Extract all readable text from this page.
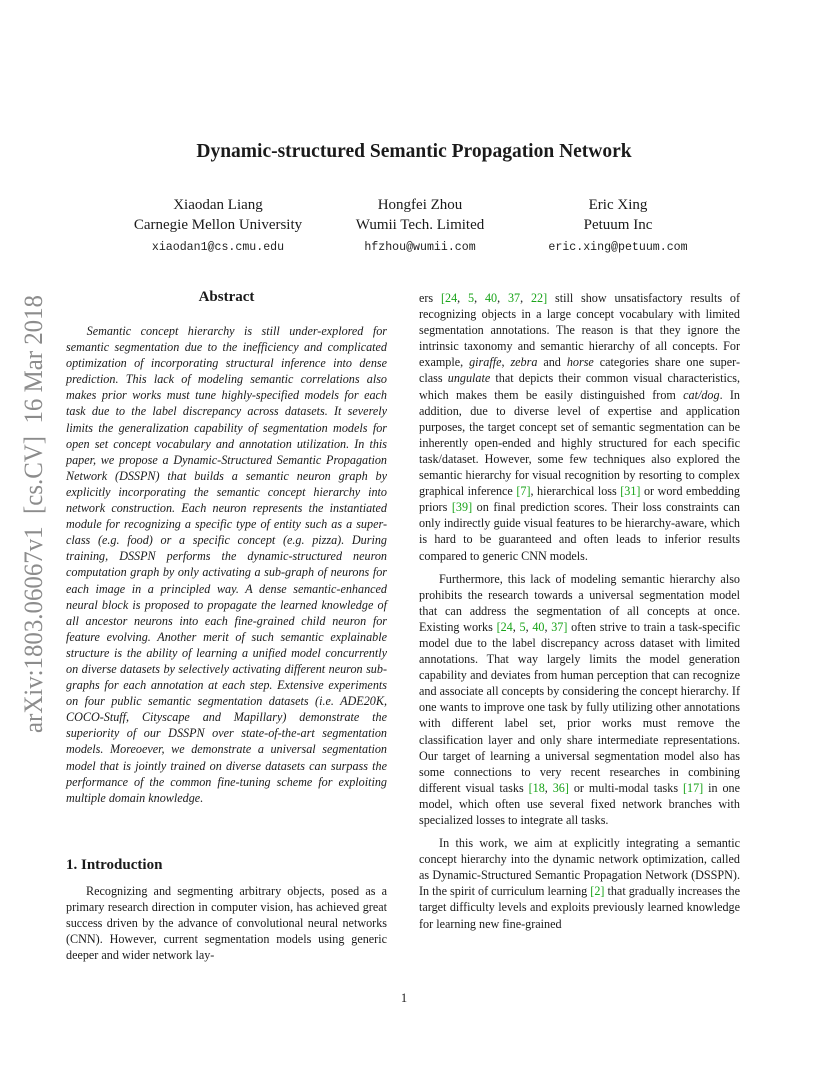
arXiv:1803.06067v1  [cs.CV]  16 Mar 2018
Dynamic-structured Semantic Propagation Network
Xiaodan Liang
Carnegie Mellon University
xiaodan1@cs.cmu.edu
Hongfei Zhou
Wumii Tech. Limited
hfzhou@wumii.com
Eric Xing
Petuum Inc
eric.xing@petuum.com
Abstract

Semantic concept hierarchy is still under-explored for semantic segmentation due to the inefficiency and complicated optimization of incorporating structural inference into dense prediction. This lack of modeling semantic correlations also makes prior works must tune highly-specified models for each task due to the label discrepancy across datasets. It severely limits the generalization capability of segmentation models for open set concept vocabulary and annotation utilization. In this paper, we propose a Dynamic-Structured Semantic Propagation Network (DSSPN) that builds a semantic neuron graph by explicitly incorporating the semantic concept hierarchy into network construction. Each neuron represents the instantiated module for recognizing a specific type of entity such as a super-class (e.g. food) or a specific concept (e.g. pizza). During training, DSSPN performs the dynamic-structured neuron computation graph by only activating a sub-graph of neurons for each image in a principled way. A dense semantic-enhanced neural block is proposed to propagate the learned knowledge of all ancestor neurons into each fine-grained child neuron for feature evolving. Another merit of such semantic explainable structure is the ability of learning a unified model concurrently on diverse datasets by selectively activating different neuron sub-graphs for each annotation at each step. Extensive experiments on four public semantic segmentation datasets (i.e. ADE20K, COCO-Stuff, Cityscape and Mapillary) demonstrate the superiority of our DSSPN over state-of-the-art segmentation models. Moreoever, we demonstrate a universal segmentation model that is jointly trained on diverse datasets can surpass the performance of the common fine-tuning scheme for exploiting multiple domain knowledge.

1. Introduction

Recognizing and segmenting arbitrary objects, posed as a primary research direction in computer vision, has achieved great success driven by the advance of convolutional neural networks (CNN). However, current segmentation models using generic deeper and wider network lay-

ers [24, 5, 40, 37, 22] still show unsatisfactory results of recognizing objects in a large concept vocabulary with limited segmentation annotations. The reason is that they ignore the intrinsic taxonomy and semantic hierarchy of all concepts. For example, giraffe, zebra and horse categories share one super-class ungulate that depicts their common visual characteristics, which makes them be easily distinguished from cat/dog. In addition, due to diverse level of expertise and application purposes, the target concept set of semantic segmentation can be inherently open-ended and highly structured for each specific task/dataset. However, some few techniques also explored the semantic hierarchy for visual recognition by resorting to complex graphical inference [7], hierarchical loss [31] or word embedding priors [39] on final prediction scores. Their loss constraints can only indirectly guide visual features to be hierarchy-aware, which is hard to be guaranteed and often leads to inferior results compared to generic CNN models.

Furthermore, this lack of modeling semantic hierarchy also prohibits the research towards a universal segmentation model that can address the segmentation of all concepts at once. Existing works [24, 5, 40, 37] often strive to train a task-specific model due to the label discrepancy across dataset with limited annotations. That way largely limits the model generation capability and deviates from human perception that can recognize and associate all concepts by considering the concept hierarchy. If one wants to improve one task by fully utilizing other annotations with different label set, prior works must remove the classification layer and only share intermediate representations. Our target of learning a universal segmentation model also has some connections to very recent researches in combining different visual tasks [18, 36] or multi-modal tasks [17] in one model, which often use several fixed network branches with specialized losses to integrate all tasks.

In this work, we aim at explicitly integrating a semantic concept hierarchy into the dynamic network optimization, called as Dynamic-Structured Semantic Propagation Network (DSSPN). In the spirit of curriculum learning [2] that gradually increases the target difficulty levels and exploits previously learned knowledge for learning new fine-grained

1
